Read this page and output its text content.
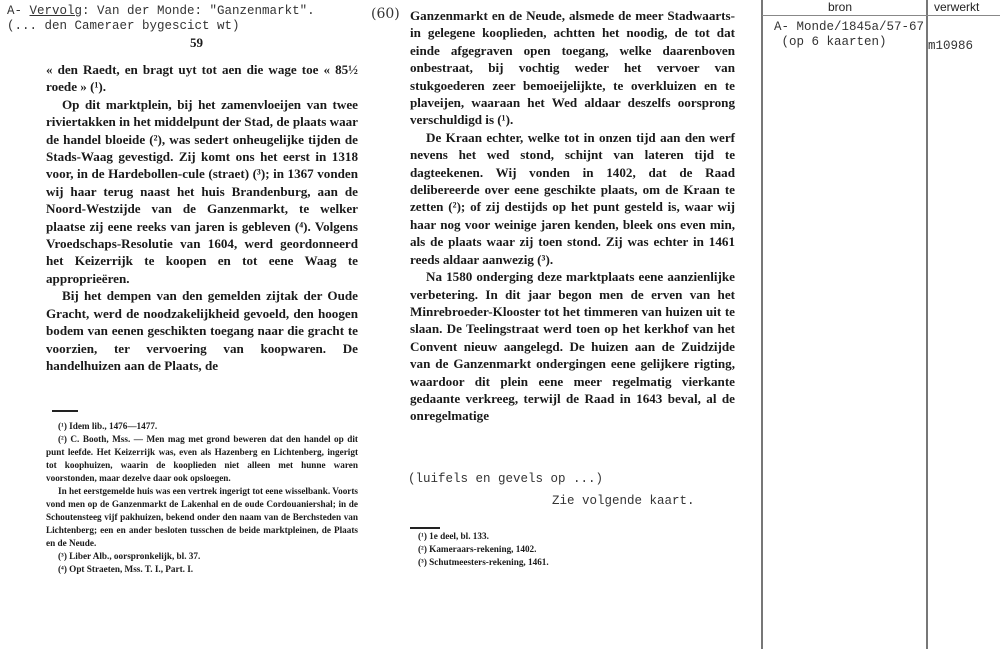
A- Vervolg: Van der Monde: "Ganzenmarkt".
(... den Cameraer bygescict wt)
59

« den Raedt, en bragt uyt tot aen die wage toe « 85½ roede » (¹).

Op dit marktplein, bij het zamenvloeijen van twee riviertakken in het middelpunt der Stad, de plaats waar de handel bloeide (²), was sedert onheugelijke tijden de Stads-Waag gevestigd. Zij komt ons het eerst in 1318 voor, in de Hardebollen-cule (straet) (³); in 1367 vonden wij haar terug naast het huis Brandenburg, aan de Noord-Westzijde van de Ganzenmarkt, te welker plaatse zij eene reeks van jaren is gebleven (⁴). Volgens Vroedschaps-Resolutie van 1604, werd geordonneerd het Keizerrijk te koopen en tot eene Waag te approprieëren.

Bij het dempen van den gemelden zijtak der Oude Gracht, werd de noodzakelijkheid gevoeld, den hoogen bodem van eenen geschikten toegang naar die gracht te voorzien, ter vervoering van koopwaren. De handelhuizen aan de Plaats, de

(¹) Idem lib., 1476—1477.

(²) C. Booth, Mss. — Men mag met grond beweren dat den handel op dit punt leefde. Het Keizerrijk was, even als Hazenberg en Lichtenberg, ingerigt tot koophuizen, waarin de kooplieden niet alleen met hunne waren voorstonden, maar dezelve daar ook opsloegen.

In het eerstgemelde huis was een vertrek ingerigt tot eene wisselbank. Voorts vond men op de Ganzenmarkt de Lakenhal en de oude Cordouaniershal; in de Schoutensteeg vijf pakhuizen, bekend onder den naam van de Berchsteden van Lichtenberg; een en ander besloten tusschen de beide marktpleinen, de Plaats en de Neude.

(³) Liber Alb., oorspronkelijk, bl. 37.

(⁴) Opt Straeten, Mss. T. I., Part. I.

(60) Ganzenmarkt en de Neude, alsmede de meer Stadwaarts-in gelegene kooplieden, achtten het noodig, de tot dat einde afgegraven open toegang, welke daarenboven onbestraat, bij vochtig weder het vervoer van stukgoederen zeer bemoeijelijkte, te overkluizen en te plaveijen, waaraan het Wed aldaar deszelfs oorsprong verschuldigd is (¹).

De Kraan echter, welke tot in onzen tijd aan den werf nevens het wed stond, schijnt van lateren tijd te dagteekenen. Wij vonden in 1402, dat de Raad delibereerde over eene geschikte plaats, om de Kraan te zetten (²); of zij destijds op het punt gesteld is, waar wij haar nog voor weinige jaren kenden, bleek ons even min, als de plaats waar zij toen stond. Zij was echter in 1461 reeds aldaar aanwezig (³).

Na 1580 onderging deze marktplaats eene aanzienlijke verbetering. In dit jaar begon men de erven van het Minrebroeder-Klooster tot het timmeren van huizen uit te slaan. De Teelingstraat werd toen op het kerkhof van het Convent nieuw aangelegd. De huizen aan de Zuidzijde van de Ganzenmarkt ondergingen eene gelijkere rigting, waardoor dit plein eene meer regelmatig vierkante gedaante verkreeg, terwijl de Raad in 1643 beval, al de onregelmatige

(luifels en gevels op ...)
Zie volgende kaart.

(¹) 1e deel, bl. 133.

(²) Kameraars-rekening, 1402.

(³) Schutmeesters-rekening, 1461.

bron	verwerkt
A- Monde/1845a/57-67
(op 6 kaarten)	m10986
